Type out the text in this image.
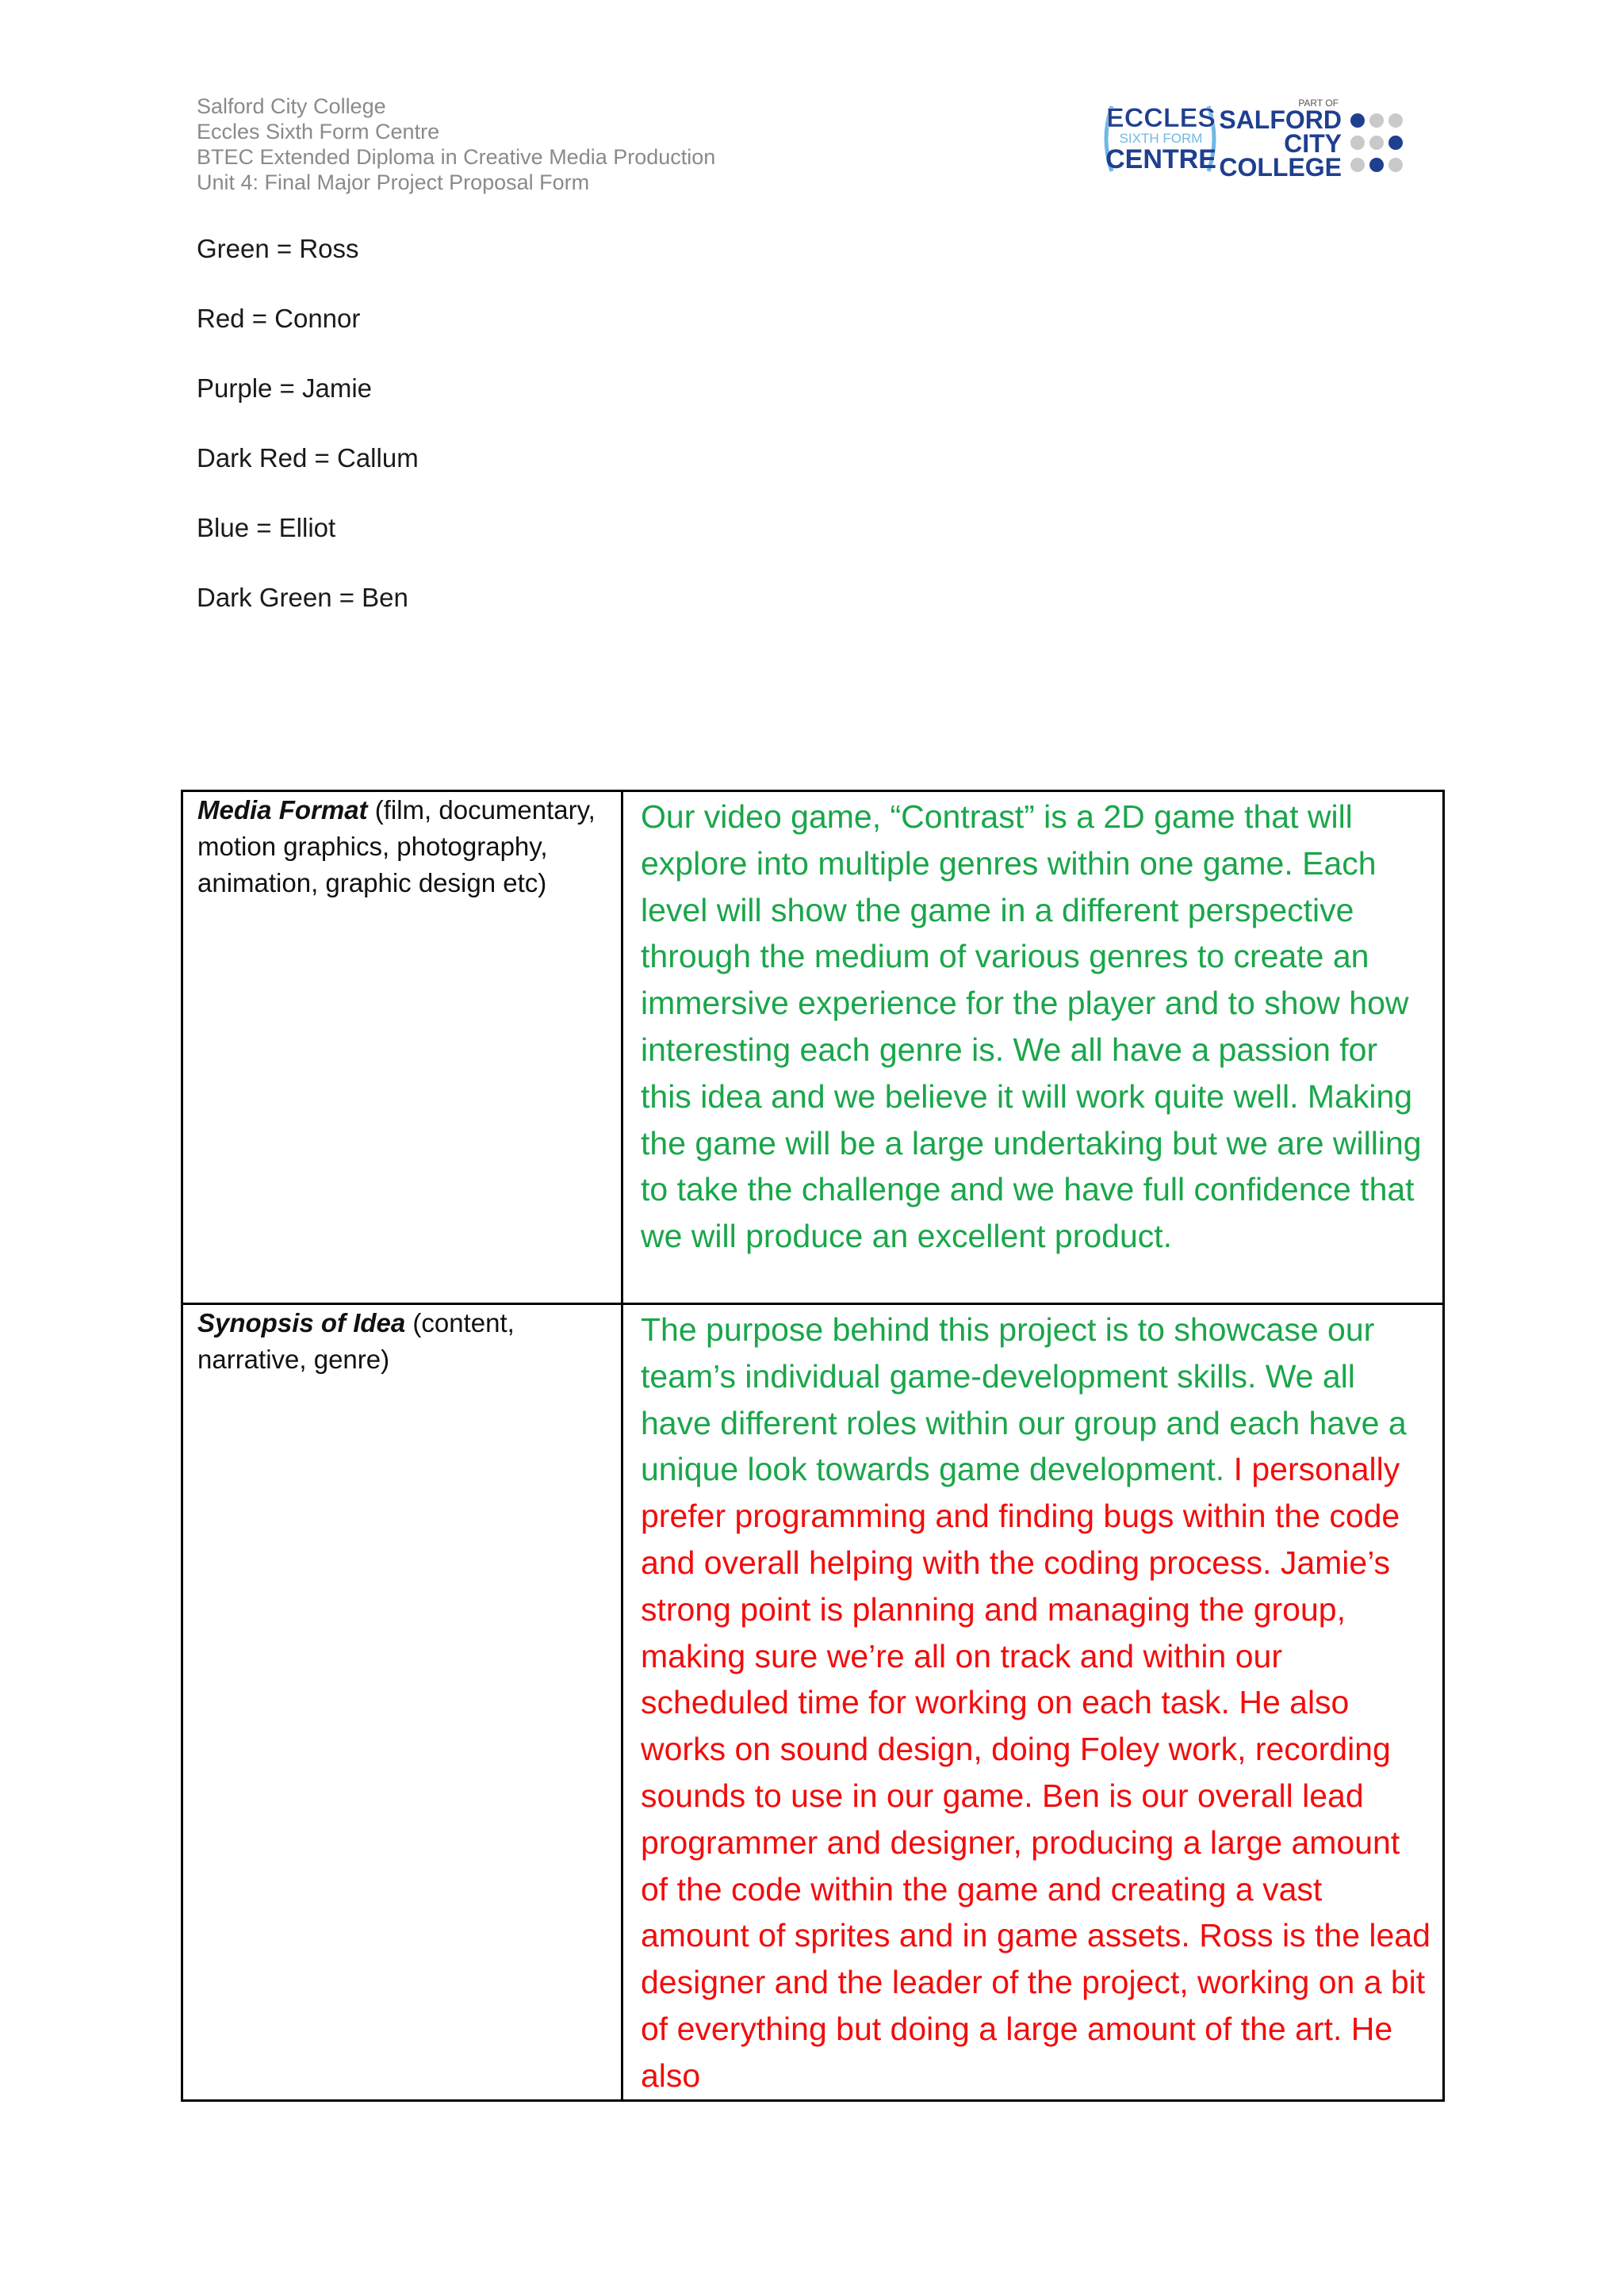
Salford City College
Eccles Sixth Form Centre
BTEC Extended Diploma in Creative Media Production
Unit 4: Final Major Project Proposal Form
ECCLES
SIXTH FORM
CENTRE
PART OF
SALFORD
CITY
COLLEGE
Green = Ross
Red = Connor
Purple = Jamie
Dark Red = Callum
Blue = Elliot
Dark Green = Ben
Media Format (film, documentary, motion graphics, photography, animation, graphic design etc)	Our video game, “Contrast” is a 2D game that will explore into multiple genres within one game. Each level will show the game in a different perspective through the medium of various genres to create an immersive experience for the player and to show how interesting each genre is. We all have a passion for this idea and we believe it will work quite well. Making the game will be a large undertaking but we are willing to take the challenge and we have full confidence that we will produce an excellent product.
Synopsis of Idea (content, narrative, genre)	The purpose behind this project is to showcase our team’s individual game-development skills. We all have different roles within our group and each have a unique look towards game development. I personally prefer programming and finding bugs within the code and overall helping with the coding process. Jamie’s strong point is planning and managing the group, making sure we’re all on track and within our scheduled time for working on each task. He also works on sound design, doing Foley work, recording sounds to use in our game. Ben is our overall lead programmer and designer, producing a large amount of the code within the game and creating a vast amount of sprites and in game assets. Ross is the lead designer and the leader of the project, working on a bit of everything but doing a large amount of the art. He also
